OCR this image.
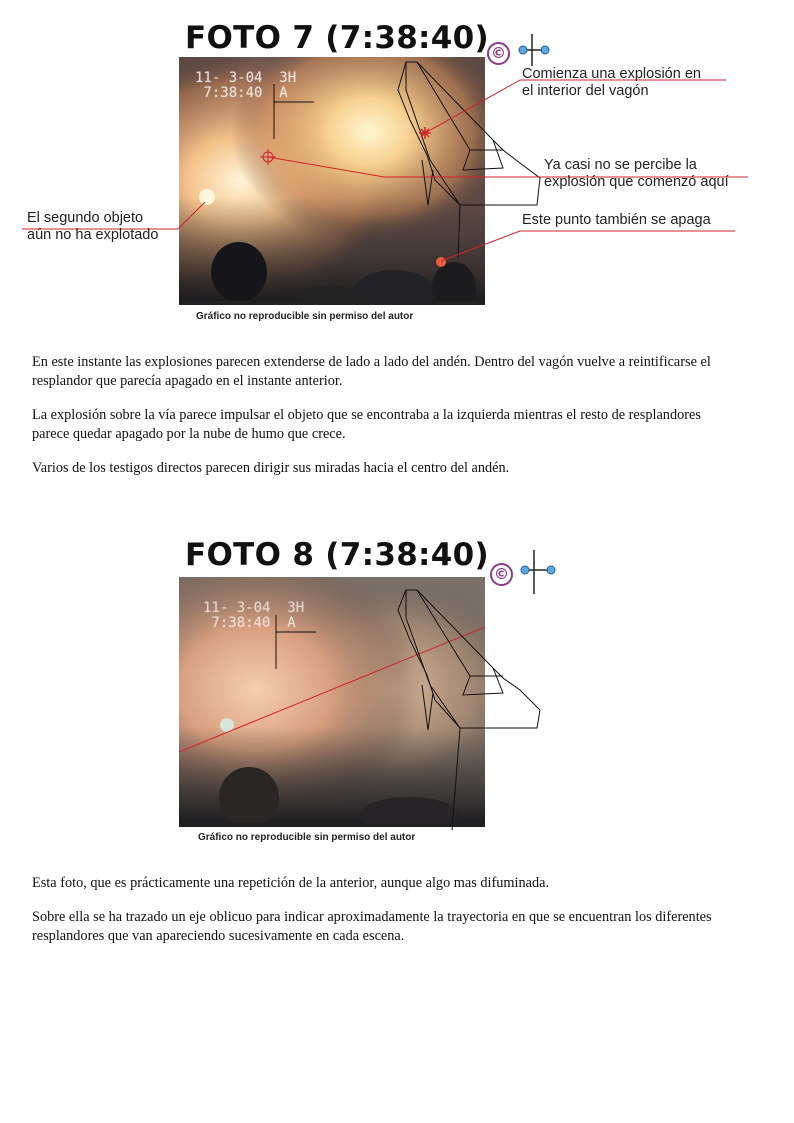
FOTO 7 (7:38:40) ©
11- 3-04  3H
7:38:40  A
Gráfico no reproducible sin permiso del autor
Comienza una explosión en
el interior del vagón
Ya casi no se percibe la
explosión que comenzó aquí
Este punto también se apaga
El segundo objeto
aún no ha explotado

En este instante las explosiones parecen extenderse de lado a lado del andén. Dentro del vagón vuelve a reintificarse el resplandor que parecía apagado en el instante anterior.

La explosión sobre la vía parece impulsar el objeto que se encontraba a la izquierda mientras el resto de resplandores parece quedar apagado por la nube de humo que crece.

Varios de los testigos directos parecen dirigir sus miradas hacia el centro del andén.

FOTO 8 (7:38:40)
©
11- 3-04  3H
7:38:40  A
Gráfico no reproducible sin permiso del autor

Esta foto, que es prácticamente una repetición de la anterior, aunque algo mas difuminada.

Sobre ella se ha trazado un eje oblicuo para indicar aproximadamente la trayectoria en que se encuentran los diferentes resplandores que van apareciendo sucesivamente en cada escena.
